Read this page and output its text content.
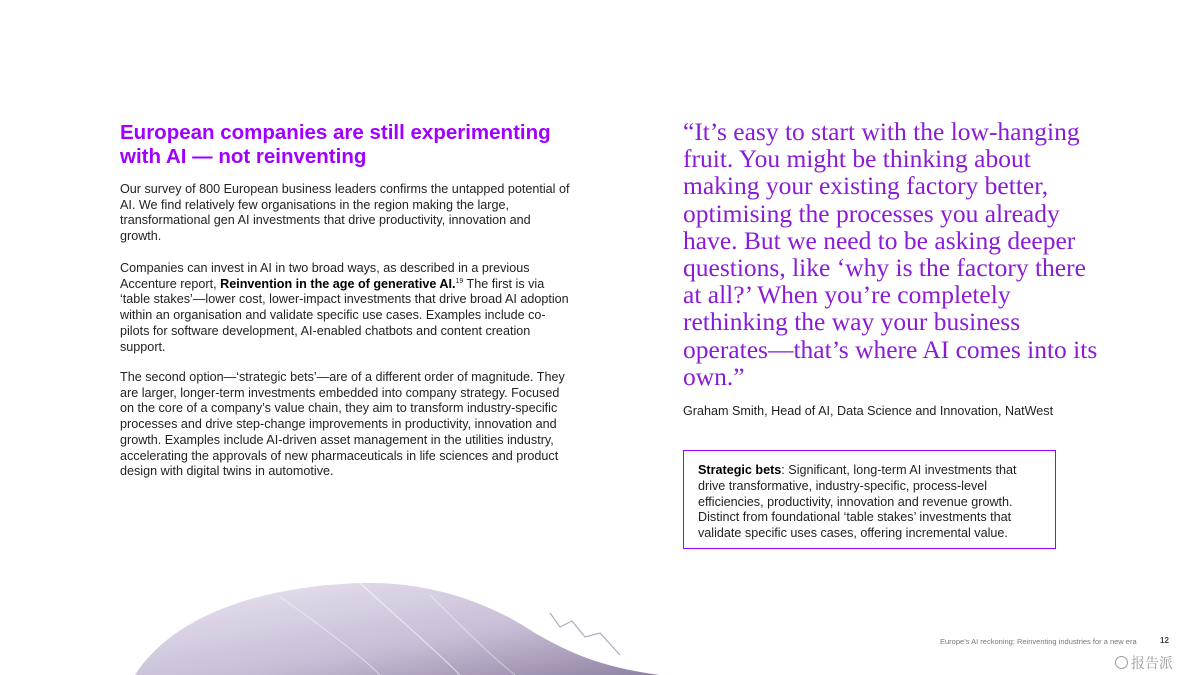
European companies are still experimenting with AI — not reinventing

Our survey of 800 European business leaders confirms the untapped potential of AI. We find relatively few organisations in the region making the large, transformational gen AI investments that drive productivity, innovation and growth.

Companies can invest in AI in two broad ways, as described in a previous Accenture report, Reinvention in the age of generative AI.$^{19}$ The first is via ‘table stakes’—lower cost, lower-impact investments that drive broad AI adoption within an organisation and validate specific use cases. Examples include co-pilots for software development, AI-enabled chatbots and content creation support.

The second option—‘strategic bets’—are of a different order of magnitude. They are larger, longer-term investments embedded into company strategy. Focused on the core of a company’s value chain, they aim to transform industry-specific processes and drive step-change improvements in productivity, innovation and growth. Examples include AI-driven asset management in the utilities industry, accelerating the approvals of new pharmaceuticals in life sciences and product design with digital twins in automotive.

“It’s easy to start with the low-hanging fruit. You might be thinking about making your existing factory better, optimising the processes you already have. But we need to be asking deeper questions, like ‘why is the factory there at all?’ When you’re completely rethinking the way your business operates—that’s where AI comes into its own.”

Graham Smith, Head of AI, Data Science and Innovation, NatWest

Strategic bets: Significant, long-term AI investments that drive transformative, industry-specific, process-level efficiencies, productivity, innovation and revenue growth. Distinct from foundational ‘table stakes’ investments that validate specific uses cases, offering incremental value.
Europe’s AI reckoning: Reinventing industries for a new era	12
报告派
